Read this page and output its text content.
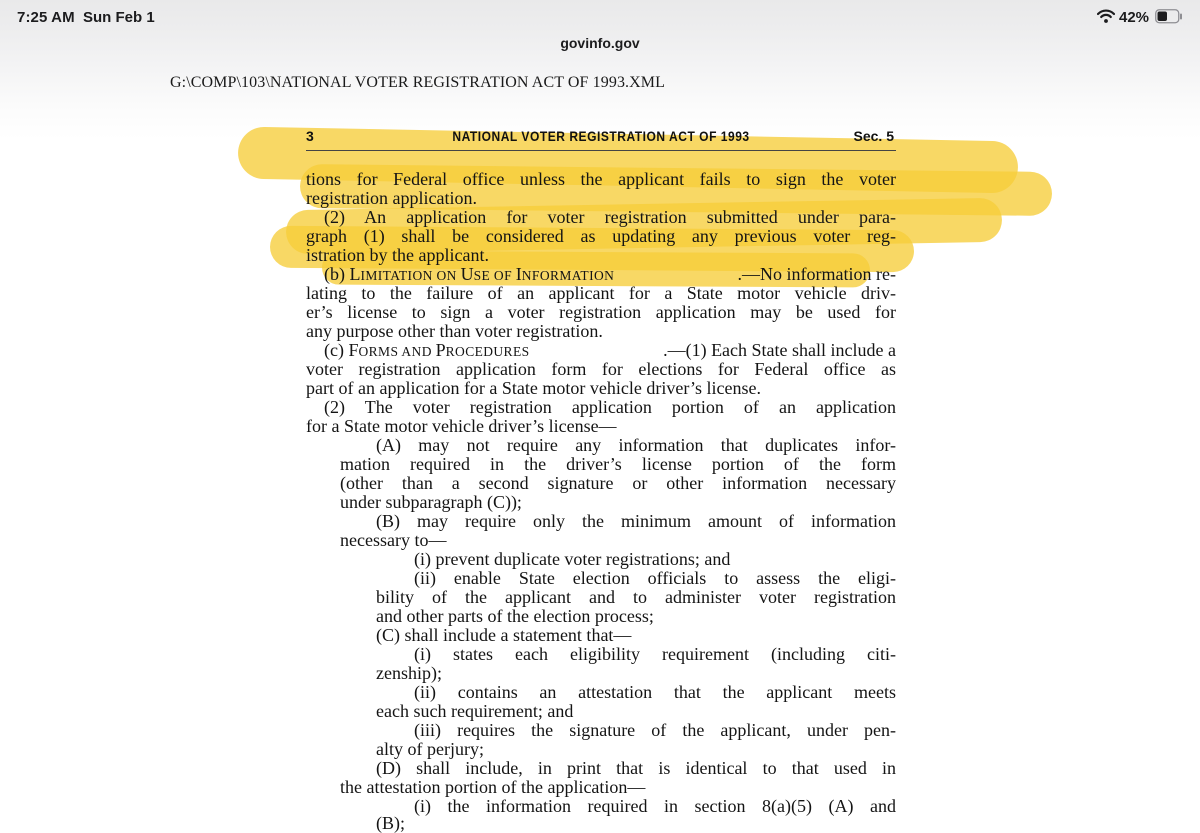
7:25 AM Sun Feb 1	42%
govinfo.gov
G:\COMP\103\NATIONAL VOTER REGISTRATION ACT OF 1993.XML
3	NATIONAL VOTER REGISTRATION ACT OF 1993	Sec. 5
tions for Federal office unless the applicant fails to sign the voter
registration application.
(2) An application for voter registration submitted under para-
graph (1) shall be considered as updating any previous voter reg-
istration by the applicant.
(b) LIMITATION ON USE OF INFORMATION	.—No information re-
lating to the failure of an applicant for a State motor vehicle driv-
er’s license to sign a voter registration application may be used for
any purpose other than voter registration.
(c) FORMS AND PROCEDURES	.—(1) Each State shall include a
voter registration application form for elections for Federal office as
part of an application for a State motor vehicle driver’s license.
(2) The voter registration application portion of an application
for a State motor vehicle driver’s license—
(A) may not require any information that duplicates infor-
mation required in the driver’s license portion of the form
(other than a second signature or other information necessary
under subparagraph (C));
(B) may require only the minimum amount of information
necessary to—
(i) prevent duplicate voter registrations; and
(ii) enable State election officials to assess the eligi-
bility of the applicant and to administer voter registration
and other parts of the election process;
(C) shall include a statement that—
(i) states each eligibility requirement (including citi-
zenship);
(ii) contains an attestation that the applicant meets
each such requirement; and
(iii) requires the signature of the applicant, under pen-
alty of perjury;
(D) shall include, in print that is identical to that used in
the attestation portion of the application—
(i) the information required in section 8(a)(5) (A) and
(B);
